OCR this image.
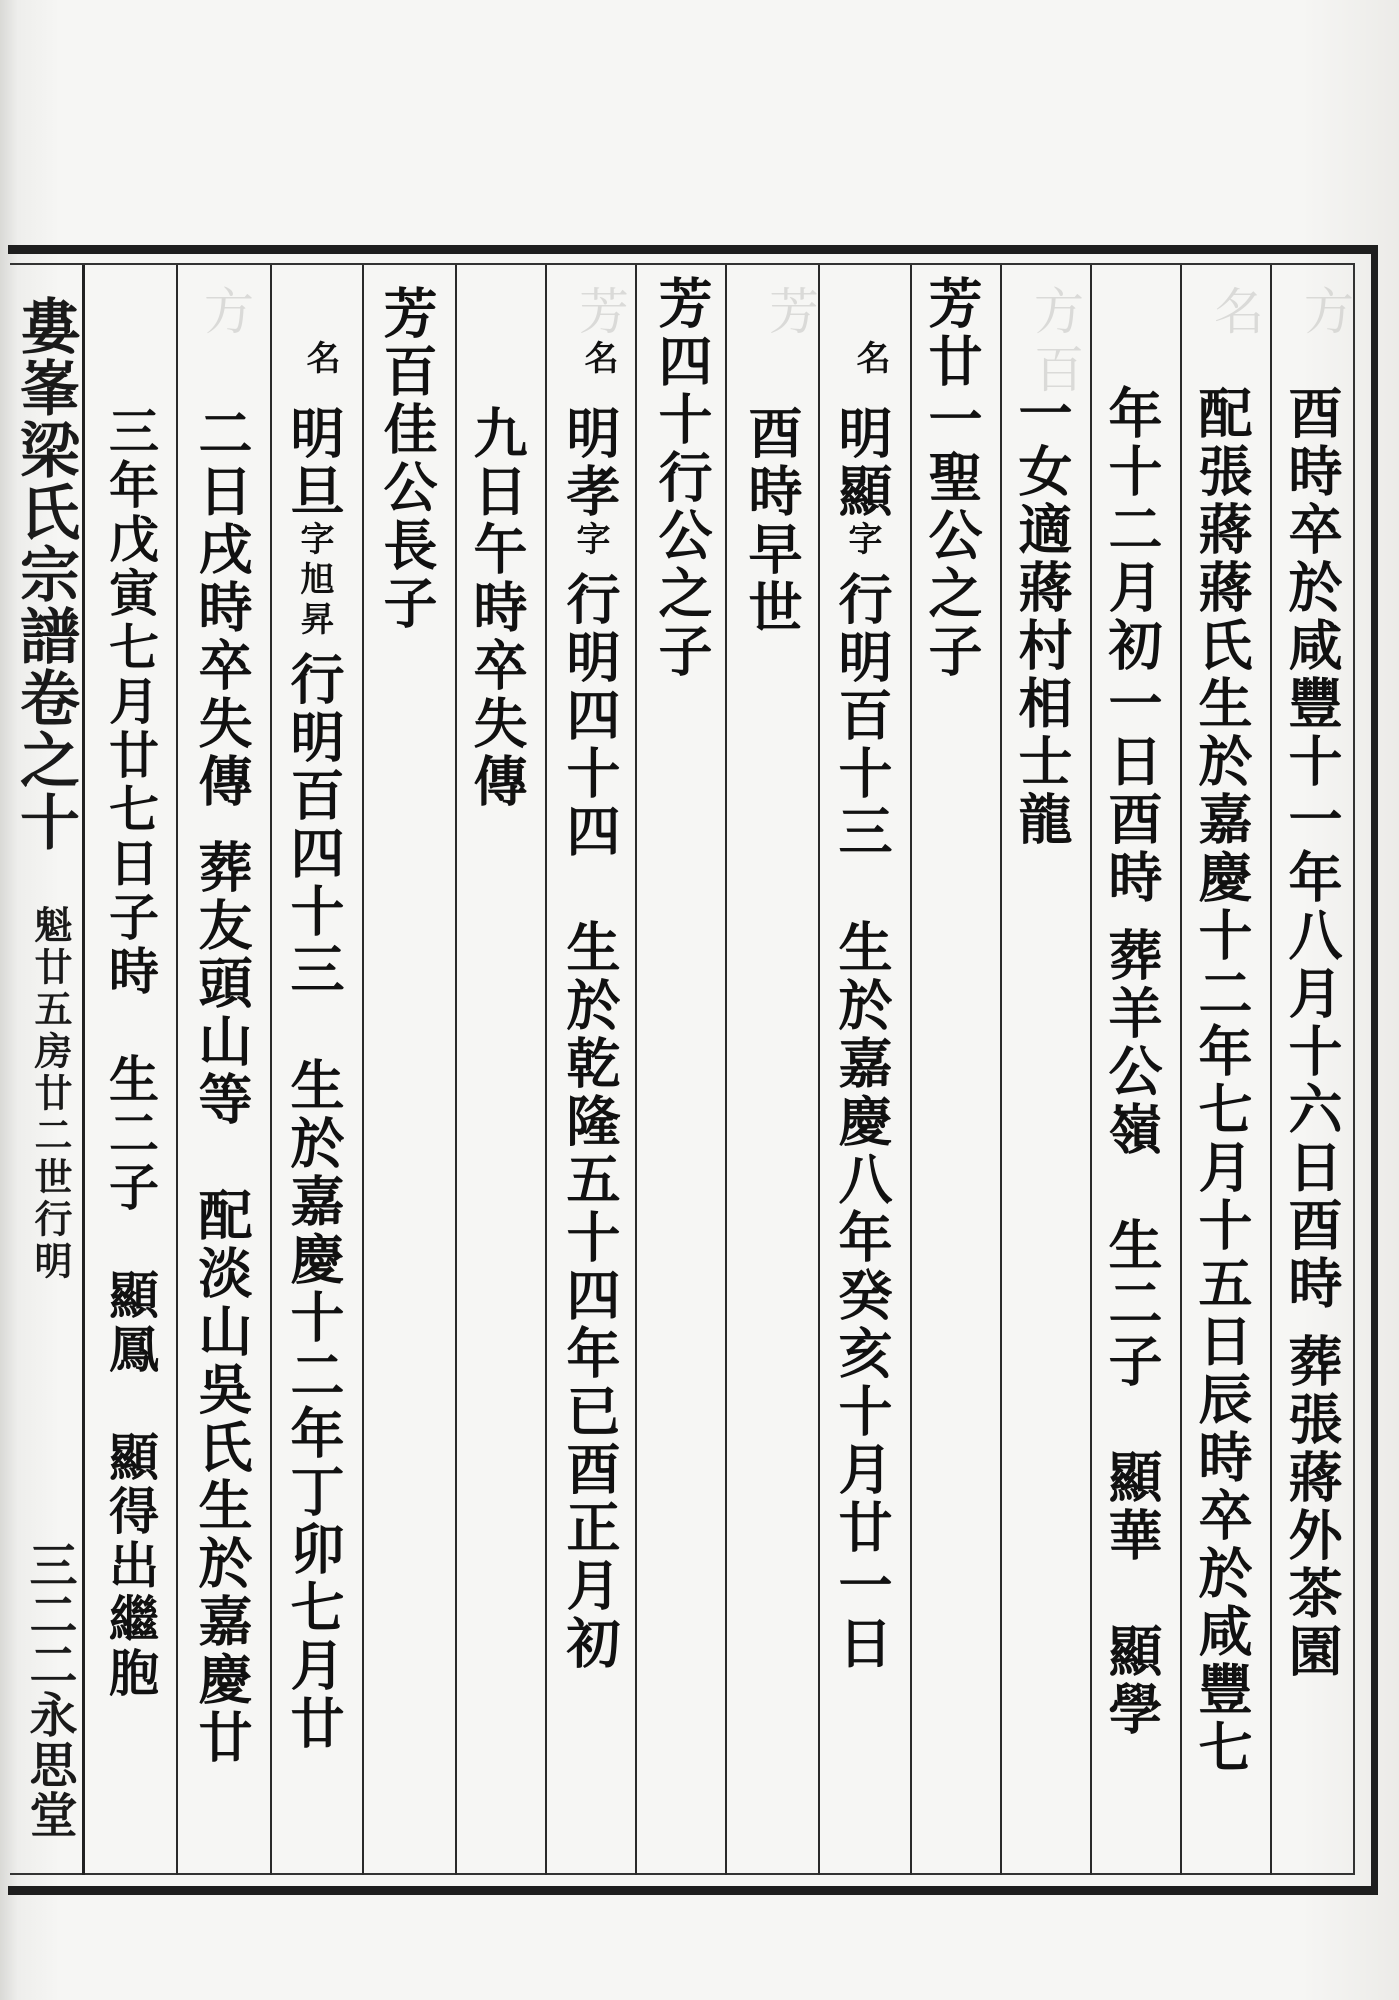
方
名
方百
芳
芳
方
酉時卒於咸豐十一年八月十六日酉時葬張蔣外茶園
配張蔣蔣氏生於嘉慶十二年七月十五日辰時卒於咸豐七
年十二月初一日酉時葬羊公嶺　生二子　顯華　顯學
一女適蔣村相士龍
芳廿一聖公之子
名
明顯字行明百十三　生於嘉慶八年癸亥十月廿一日
酉時早世
芳四十行公之子
名
明孝字行明四十四　生於乾隆五十四年已酉正月初
九日午時卒失傳
芳百佳公長子
名
明旦字旭昇行明百四十三　生於嘉慶十二年丁卯七月廿
二日戌時卒失傳葬友頭山等　配淡山吳氏生於嘉慶廿
三年戊寅七月廿七日子時　生二子　顯鳳　顯得出繼胞
婁峯梁氏宗譜卷之十
魁廿五房廿二世行明
三二二永思堂
